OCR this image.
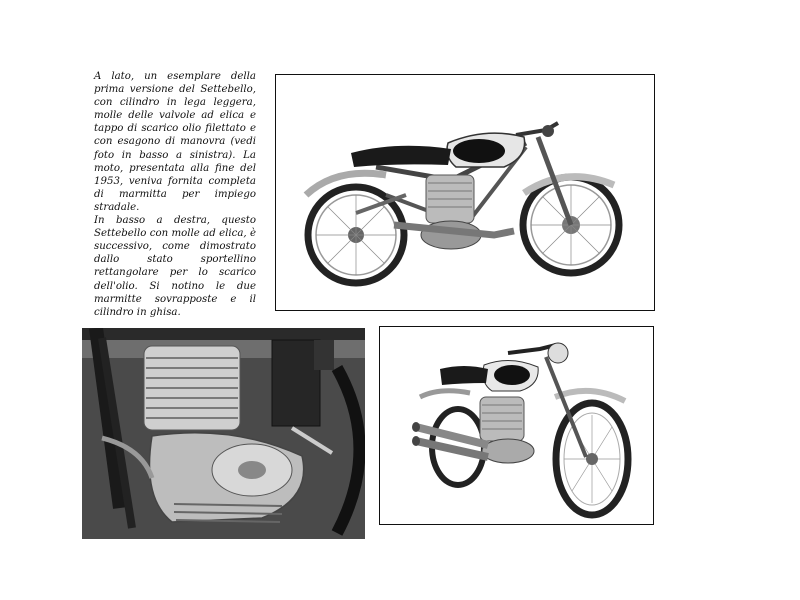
A lato, un esemplare della prima versione del Settebello, con cilindro in lega leggera, molle delle valvole ad elica e tappo di scarico olio filettato e con esagono di manovra (vedi foto in basso a sinistra). La moto, presentata alla fine del 1953, veniva fornita completa di marmitta per impiego stradale.

In basso a destra, questo Settebello con molle ad elica, è successivo, come dimostrato dallo stato sportellino rettangolare per lo scarico dell'olio. Si notino le due marmitte sovrapposte e il cilindro in ghisa.
